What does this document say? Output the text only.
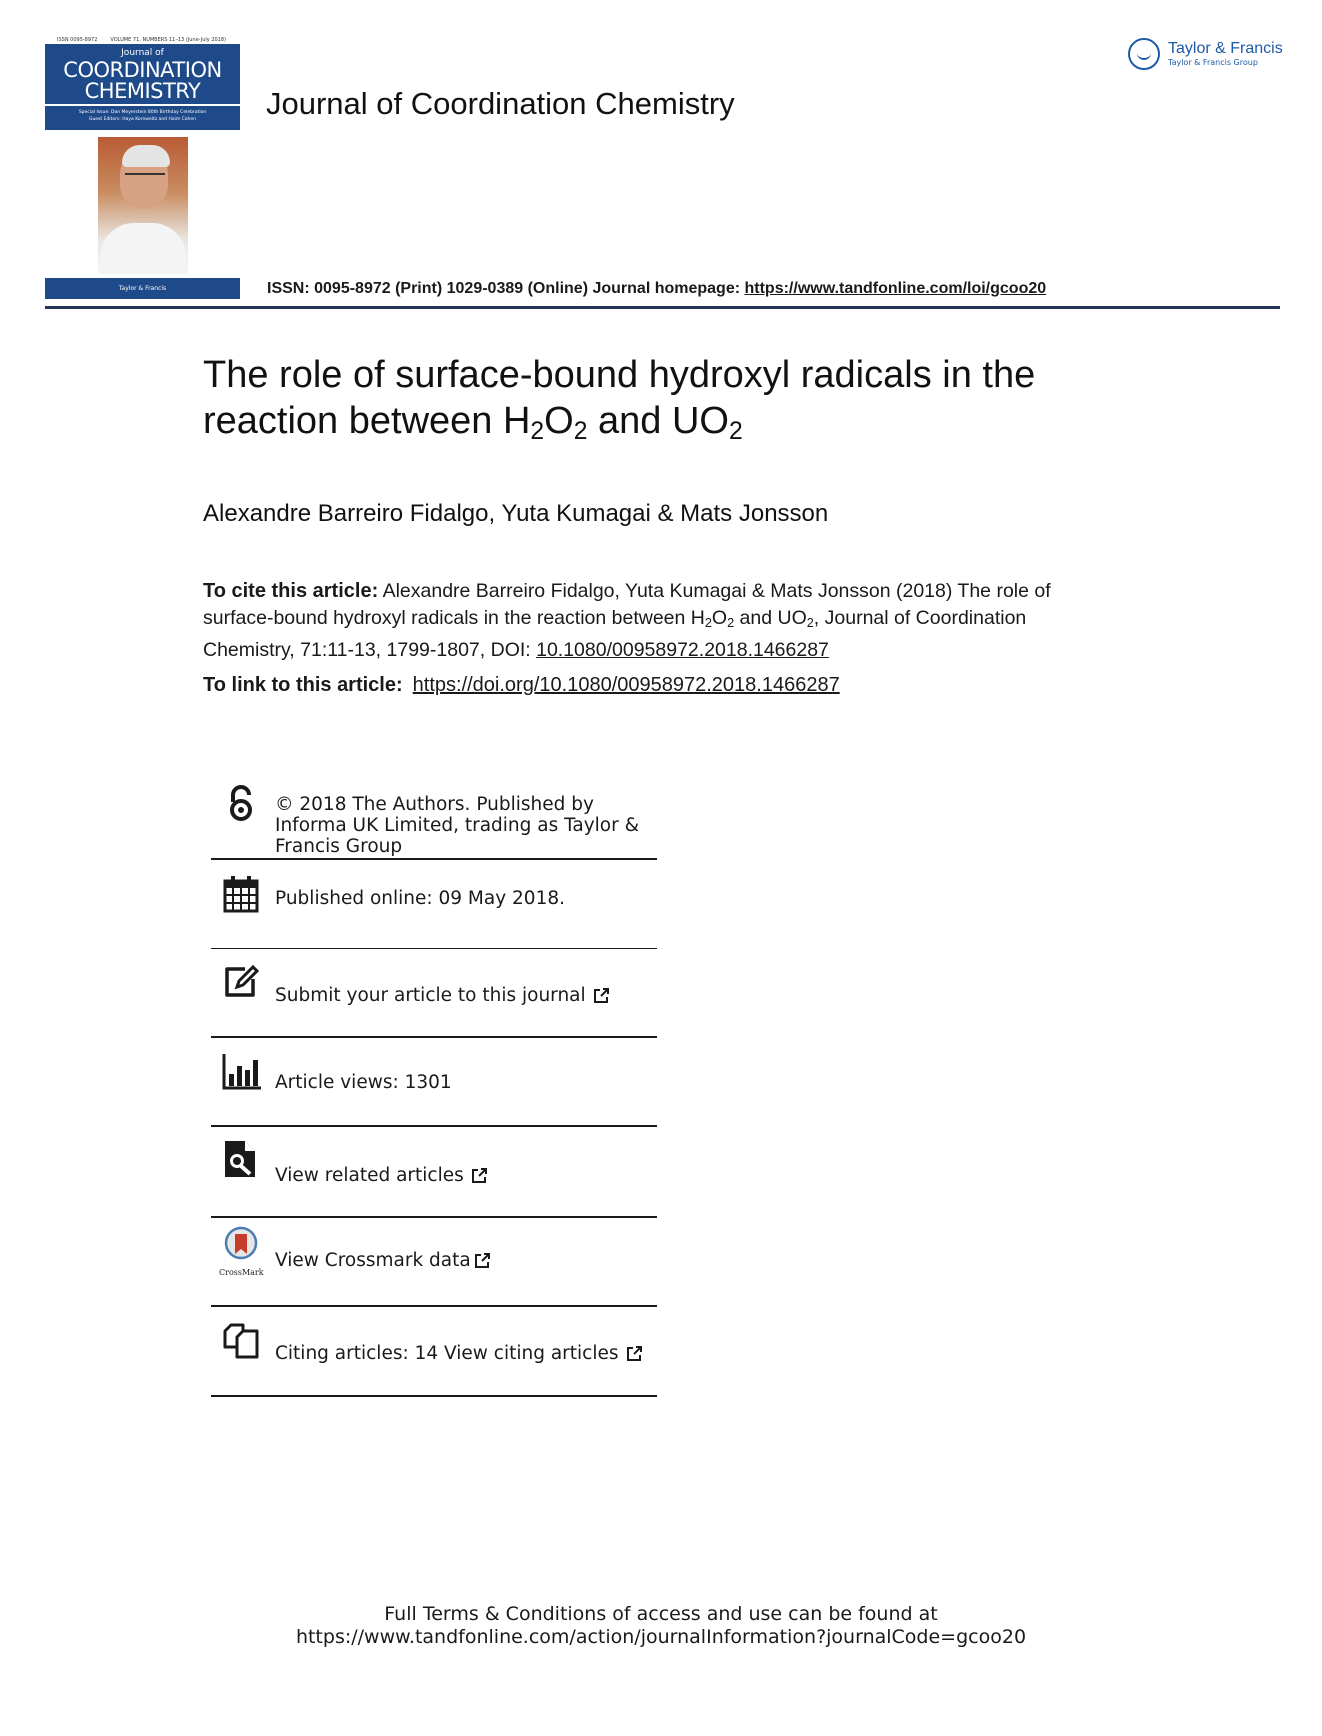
ISSN 0095-8972	VOLUME 71, NUMBERS 11–13 (June-July 2018)
Journal of
COORDINATION
CHEMISTRY
Special Issue: Dan Meyerstein 80th Birthday Celebration
Guest Editors: Haya Kornweitz and Haim Cohen
Taylor & Francis
Journal of Coordination Chemistry
ISSN: 0095-8972 (Print) 1029-0389 (Online) Journal homepage: https://www.tandfonline.com/loi/gcoo20
Taylor & Francis
Taylor & Francis Group
The role of surface-bound hydroxyl radicals in the reaction between $H_2O_2$ and $UO_2$
Alexandre Barreiro Fidalgo, Yuta Kumagai & Mats Jonsson
To cite this article: Alexandre Barreiro Fidalgo, Yuta Kumagai & Mats Jonsson (2018) The role of surface-bound hydroxyl radicals in the reaction between $H_2O_2$ and $UO_2$, Journal of Coordination Chemistry, 71:11-13, 1799-1807, DOI: 10.1080/00958972.2018.1466287
To link to this article: https://doi.org/10.1080/00958972.2018.1466287
© 2018 The Authors. Published by Informa UK Limited, trading as Taylor & Francis Group
Published online: 09 May 2018.
Submit your article to this journal
Article views: 1301
View related articles
CrossMark
View Crossmark data
Citing articles: 14 View citing articles
Full Terms & Conditions of access and use can be found at
https://www.tandfonline.com/action/journalInformation?journalCode=gcoo20
